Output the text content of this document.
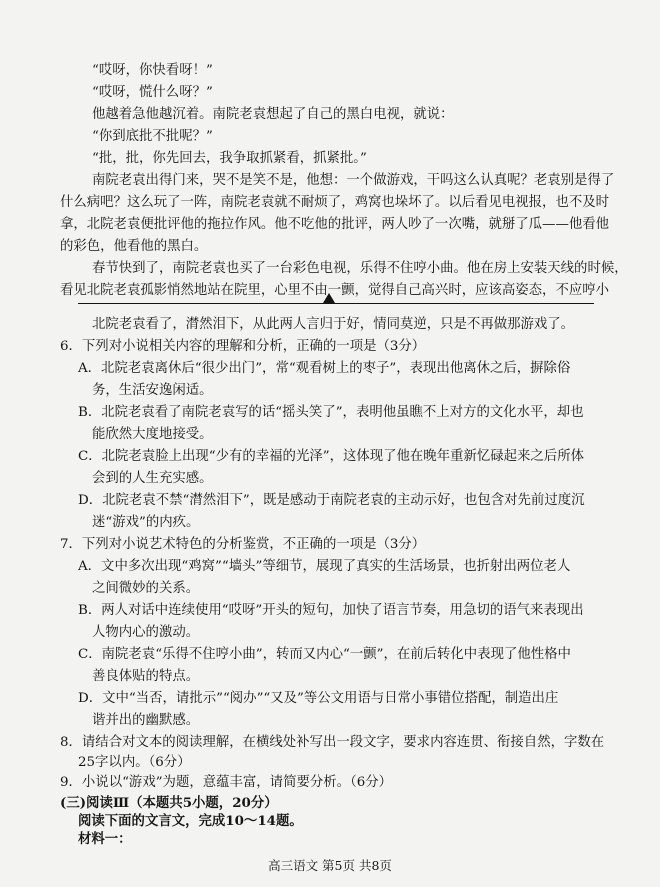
“哎呀，你快看呀！”
“哎呀，慌什么呀？”
他越着急他越沉着。南院老袁想起了自己的黑白电视，就说：
“你到底批不批呢？”
“批，批，你先回去，我争取抓紧看，抓紧批。”
南院老袁出得门来，哭不是笑不是，他想：一个做游戏，干吗这么认真呢？老袁别是得了
什么病吧？这么玩了一阵，南院老袁就不耐烦了，鸡窝也垛坏了。以后看见电视报，也不及时
拿，北院老袁便批评他的拖拉作风。他不吃他的批评，两人吵了一次嘴，就掰了瓜——他看他
的彩色，他看他的黑白。
春节快到了，南院老袁也买了一台彩色电视，乐得不住哼小曲。他在房上安装天线的时候，
看见北院老袁孤影悄然地站在院里，心里不由一颤，觉得自己高兴时，应该高姿态，不应哼小
北院老袁看了，潸然泪下，从此两人言归于好，情同莫逆，只是不再做那游戏了。
6．下列对小说相关内容的理解和分析，正确的一项是（3分）
A．北院老袁离休后“很少出门”，常“观看树上的枣子”，表现出他离休之后，摒除俗
务，生活安逸闲适。
B．北院老袁看了南院老袁写的话“摇头笑了”，表明他虽瞧不上对方的文化水平，却也
能欣然大度地接受。
C．北院老袁脸上出现“少有的幸福的光泽”，这体现了他在晚年重新忆碌起来之后所体
会到的人生充实感。
D．北院老袁不禁“潸然泪下”，既是感动于南院老袁的主动示好，也包含对先前过度沉
迷“游戏”的内疚。
7．下列对小说艺术特色的分析鉴赏，不正确的一项是（3分）
A．文中多次出现“鸡窝”“墙头”等细节，展现了真实的生活场景，也折射出两位老人
之间微妙的关系。
B．两人对话中连续使用“哎呀”开头的短句，加快了语言节奏，用急切的语气来表现出
人物内心的激动。
C．南院老袁“乐得不住哼小曲”，转而又内心“一颤”，在前后转化中表现了他性格中
善良体贴的特点。
D．文中“当否，请批示”“阅办”“又及”等公文用语与日常小事错位搭配，制造出庄
谐并出的幽默感。
8．请结合对文本的阅读理解，在横线处补写出一段文字，要求内容连贯、衔接自然，字数在
25字以内。（6分）
9．小说以“游戏”为题，意蕴丰富，请简要分析。（6分）
(三)阅读Ⅲ（本题共5小题，20分）
阅读下面的文言文，完成10～14题。
材料一：
高三语文 第5页 共8页
